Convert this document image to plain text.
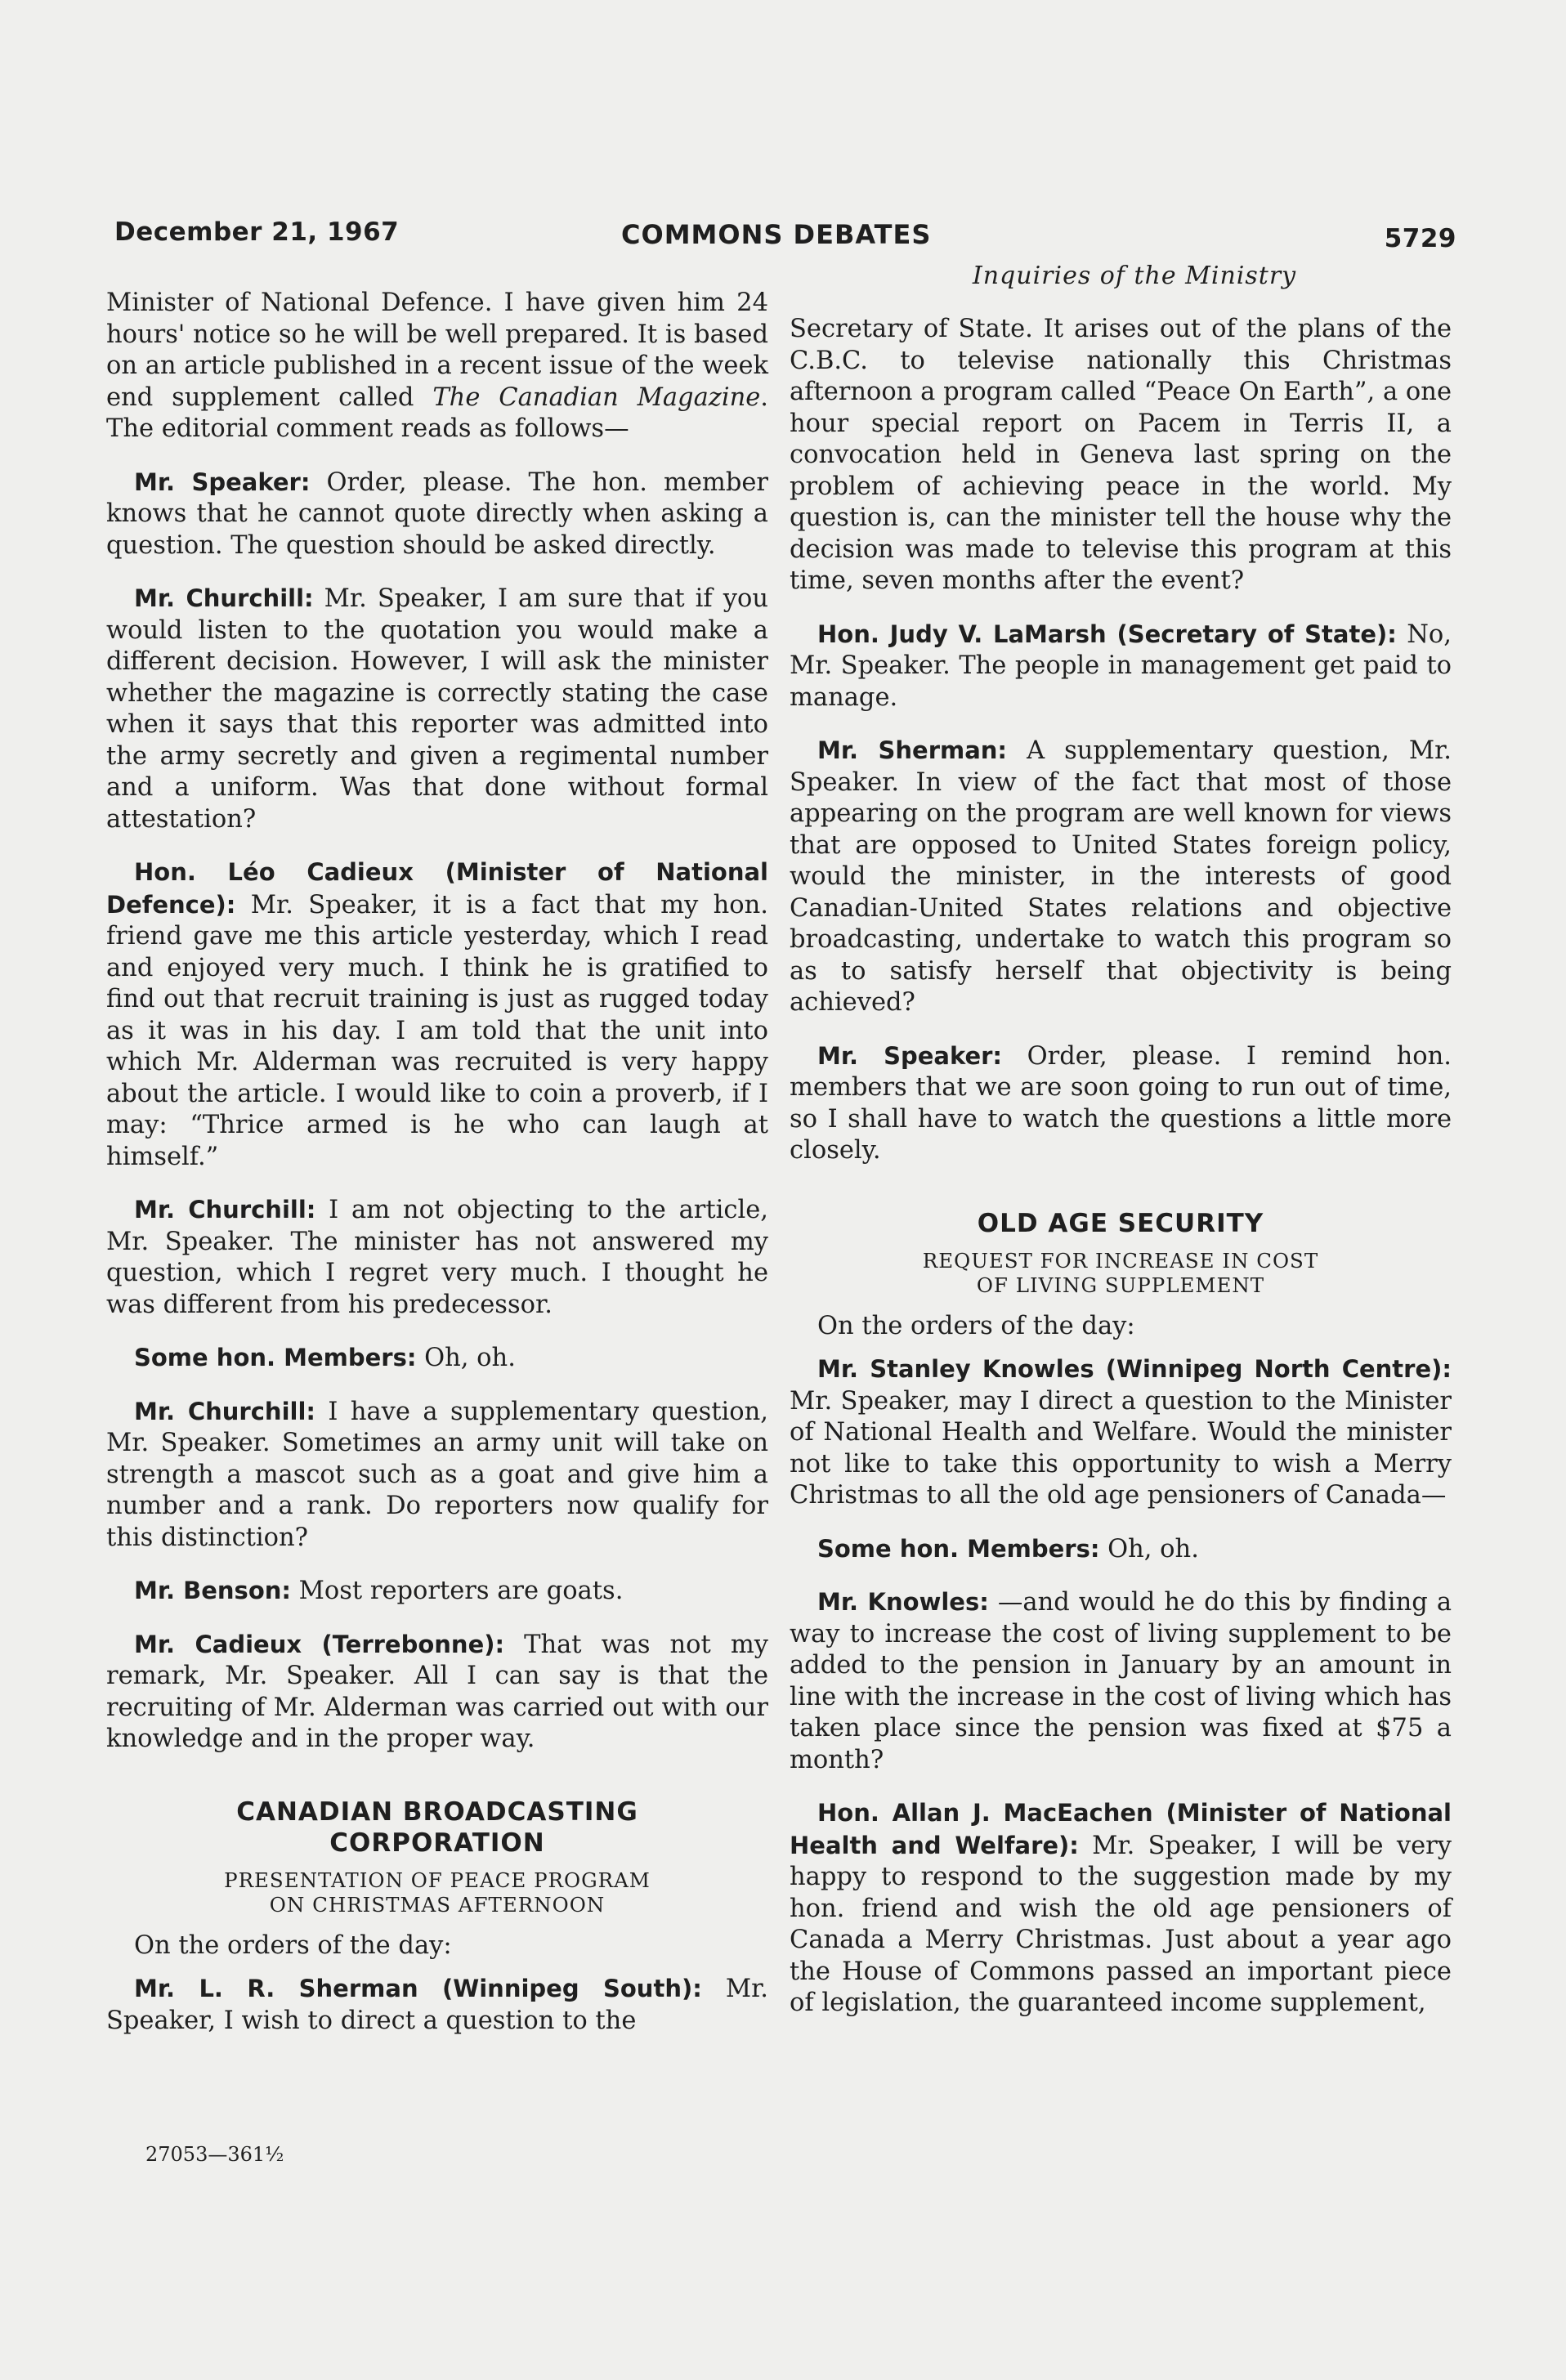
December 21, 1967	COMMONS DEBATES	5729

Minister of National Defence. I have given him 24 hours' notice so he will be well prepared. It is based on an article published in a recent issue of the week end supplement called The Canadian Magazine. The editorial comment reads as follows—

Mr. Speaker: Order, please. The hon. member knows that he cannot quote directly when asking a question. The question should be asked directly.

Mr. Churchill: Mr. Speaker, I am sure that if you would listen to the quotation you would make a different decision. However, I will ask the minister whether the magazine is correctly stating the case when it says that this reporter was admitted into the army secretly and given a regimental number and a uniform. Was that done without formal attestation?

Hon. Léo Cadieux (Minister of National Defence): Mr. Speaker, it is a fact that my hon. friend gave me this article yesterday, which I read and enjoyed very much. I think he is gratified to find out that recruit training is just as rugged today as it was in his day. I am told that the unit into which Mr. Alderman was recruited is very happy about the article. I would like to coin a proverb, if I may: “Thrice armed is he who can laugh at himself.”

Mr. Churchill: I am not objecting to the article, Mr. Speaker. The minister has not answered my question, which I regret very much. I thought he was different from his predecessor.

Some hon. Members: Oh, oh.

Mr. Churchill: I have a supplementary question, Mr. Speaker. Sometimes an army unit will take on strength a mascot such as a goat and give him a number and a rank. Do reporters now qualify for this distinction?

Mr. Benson: Most reporters are goats.

Mr. Cadieux (Terrebonne): That was not my remark, Mr. Speaker. All I can say is that the recruiting of Mr. Alderman was carried out with our knowledge and in the proper way.

CANADIAN BROADCASTING CORPORATION
PRESENTATION OF PEACE PROGRAM
ON CHRISTMAS AFTERNOON

On the orders of the day:

Mr. L. R. Sherman (Winnipeg South): Mr. Speaker, I wish to direct a question to the

27053—361½

Inquiries of the Ministry

Secretary of State. It arises out of the plans of the C.B.C. to televise nationally this Christmas afternoon a program called “Peace On Earth”, a one hour special report on Pacem in Terris II, a convocation held in Geneva last spring on the problem of achieving peace in the world. My question is, can the minister tell the house why the decision was made to televise this program at this time, seven months after the event?

Hon. Judy V. LaMarsh (Secretary of State): No, Mr. Speaker. The people in management get paid to manage.

Mr. Sherman: A supplementary question, Mr. Speaker. In view of the fact that most of those appearing on the program are well known for views that are opposed to United States foreign policy, would the minister, in the interests of good Canadian-United States relations and objective broadcasting, undertake to watch this program so as to satisfy herself that objectivity is being achieved?

Mr. Speaker: Order, please. I remind hon. members that we are soon going to run out of time, so I shall have to watch the questions a little more closely.

OLD AGE SECURITY
REQUEST FOR INCREASE IN COST
OF LIVING SUPPLEMENT

On the orders of the day:

Mr. Stanley Knowles (Winnipeg North Centre): Mr. Speaker, may I direct a question to the Minister of National Health and Welfare. Would the minister not like to take this opportunity to wish a Merry Christmas to all the old age pensioners of Canada—

Some hon. Members: Oh, oh.

Mr. Knowles: —and would he do this by finding a way to increase the cost of living supplement to be added to the pension in January by an amount in line with the increase in the cost of living which has taken place since the pension was fixed at $75 a month?

Hon. Allan J. MacEachen (Minister of National Health and Welfare): Mr. Speaker, I will be very happy to respond to the suggestion made by my hon. friend and wish the old age pensioners of Canada a Merry Christmas. Just about a year ago the House of Commons passed an important piece of legislation, the guaranteed income supplement,
